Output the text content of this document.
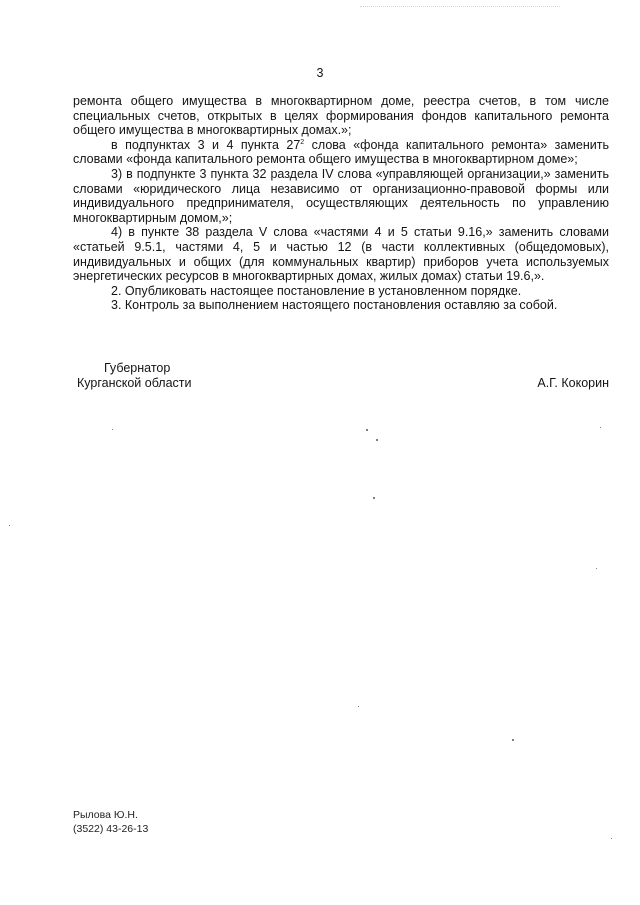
3

ремонта общего имущества в многоквартирном доме, реестра счетов, в том числе специальных счетов, открытых в целях формирования фондов капитального ремонта общего имущества в многоквартирных домах.»;

в подпунктах 3 и 4 пункта $27^2$ слова «фонда капитального ремонта» заменить словами «фонда капитального ремонта общего имущества в многоквартирном доме»;

3) в подпункте 3 пункта 32 раздела IV слова «управляющей организации,» заменить словами «юридического лица независимо от организационно-правовой формы или индивидуального предпринимателя, осуществляющих деятельность по управлению многоквартирным домом,»;

4) в пункте 38 раздела V слова «частями 4 и 5 статьи 9.16,» заменить словами «статьей 9.5.1, частями 4, 5 и частью 12 (в части коллективных (общедомовых), индивидуальных и общих (для коммунальных квартир) приборов учета используемых энергетических ресурсов в многоквартирных домах, жилых домах) статьи 19.6,».

2. Опубликовать настоящее постановление в установленном порядке.

3. Контроль за выполнением настоящего постановления оставляю за собой.

Губернатор
Курганской области	А.Г. Кокорин
Рылова Ю.Н.
(3522) 43-26-13
